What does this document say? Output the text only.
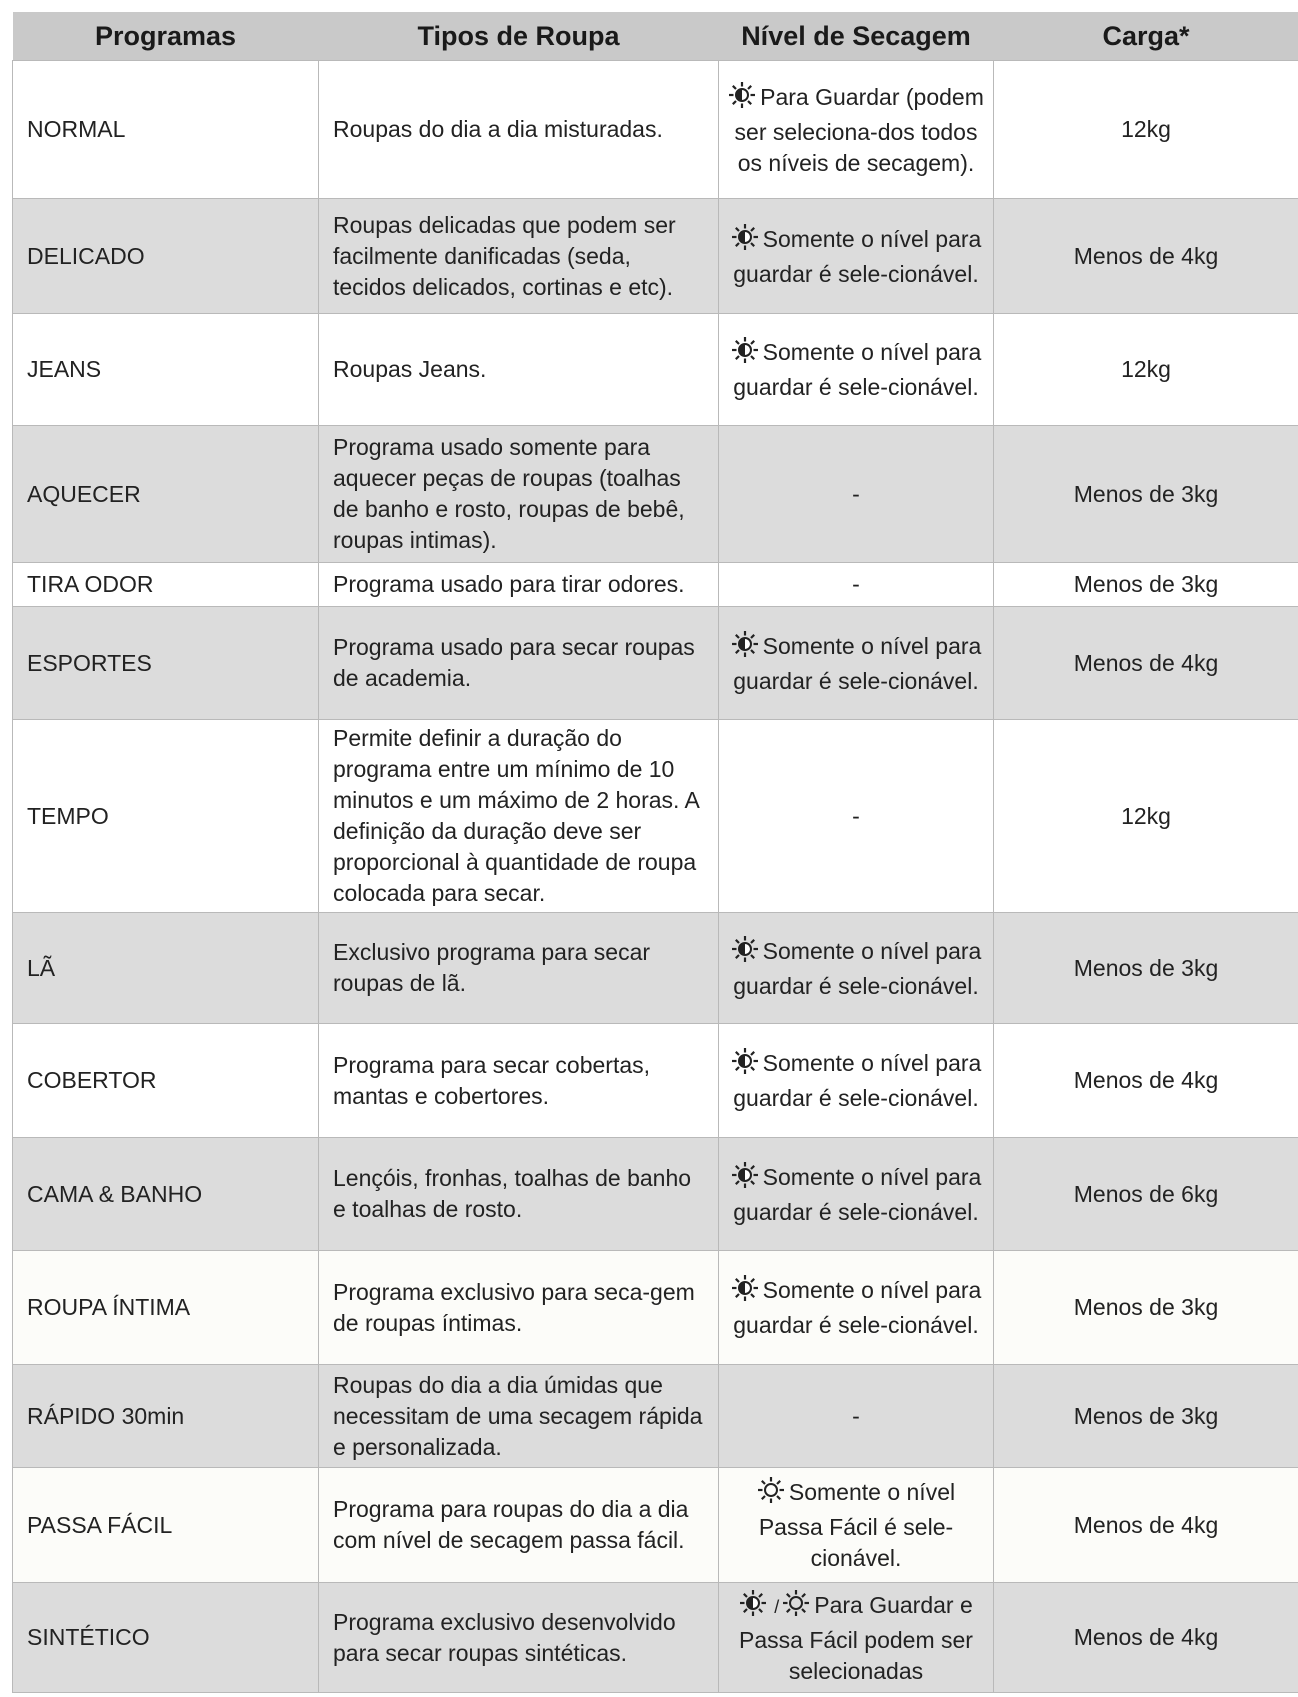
Programas	Tipos de Roupa	Nível de Secagem	Carga*
NORMAL	Roupas do dia a dia misturadas.	Para Guardar (podem ser seleciona-dos todos os níveis de secagem).	12kg
DELICADO	Roupas delicadas que podem ser facilmente danificadas (seda, tecidos delicados, cortinas e etc).	Somente o nível para guardar é sele-cionável.	Menos de 4kg
JEANS	Roupas Jeans.	Somente o nível para guardar é sele-cionável.	12kg
AQUECER	Programa usado somente para aquecer peças de roupas (toalhas de banho e rosto, roupas de bebê, roupas intimas).	-	Menos de 3kg
TIRA ODOR	Programa usado para tirar odores.	-	Menos de 3kg
ESPORTES	Programa usado para secar roupas de academia.	Somente o nível para guardar é sele-cionável.	Menos de 4kg
TEMPO	Permite definir a duração do programa entre um mínimo de 10 minutos e um máximo de 2 horas. A definição da duração deve ser proporcional à quantidade de roupa colocada para secar.	-	12kg
LÃ	Exclusivo programa para secar roupas de lã.	Somente o nível para guardar é sele-cionável.	Menos de 3kg
COBERTOR	Programa para secar cobertas, mantas e cobertores.	Somente o nível para guardar é sele-cionável.	Menos de 4kg
CAMA & BANHO	Lençóis, fronhas, toalhas de banho e toalhas de rosto.	Somente o nível para guardar é sele-cionável.	Menos de 6kg
ROUPA ÍNTIMA	Programa exclusivo para seca-gem de roupas íntimas.	Somente o nível para guardar é sele-cionável.	Menos de 3kg
RÁPIDO 30min	Roupas do dia a dia úmidas que necessitam de uma secagem rápida e personalizada.	-	Menos de 3kg
PASSA FÁCIL	Programa para roupas do dia a dia com nível de secagem passa fácil.	Somente o nível Passa Fácil é sele-cionável.	Menos de 4kg
SINTÉTICO	Programa exclusivo desenvolvido para secar roupas sintéticas.	/ Para Guardar e Passa Fácil podem ser selecionadas	Menos de 4kg
